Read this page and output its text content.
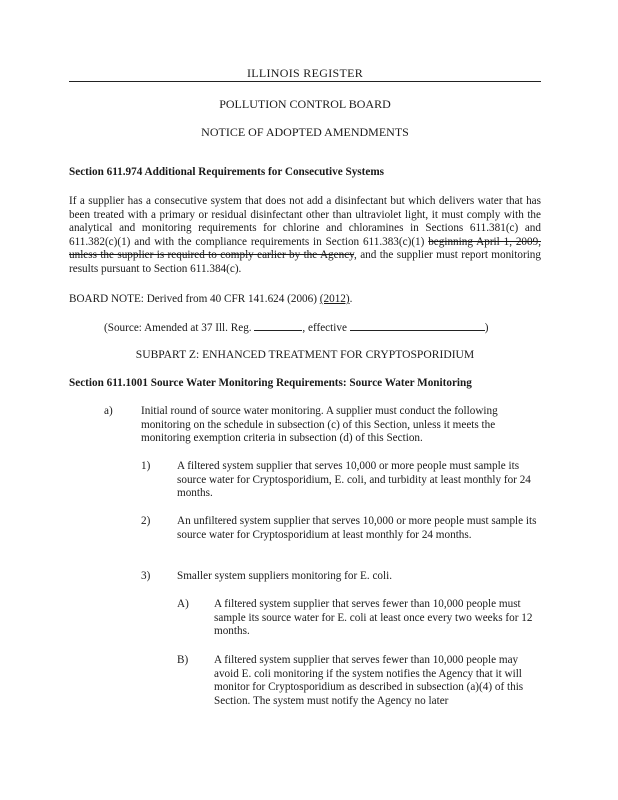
ILLINOIS REGISTER
POLLUTION CONTROL BOARD
NOTICE OF ADOPTED AMENDMENTS
Section 611.974 Additional Requirements for Consecutive Systems
If a supplier has a consecutive system that does not add a disinfectant but which delivers water that has been treated with a primary or residual disinfectant other than ultraviolet light, it must comply with the analytical and monitoring requirements for chlorine and chloramines in Sections 611.381(c) and 611.382(c)(1) and with the compliance requirements in Section 611.383(c)(1) beginning April 1, 2009, unless the supplier is required to comply earlier by the Agency, and the supplier must report monitoring results pursuant to Section 611.384(c).
BOARD NOTE: Derived from 40 CFR 141.624 (2006) (2012).
(Source: Amended at 37 Ill. Reg.	, effective	)
SUBPART Z: ENHANCED TREATMENT FOR CRYPTOSPORIDIUM
Section 611.1001 Source Water Monitoring Requirements: Source Water Monitoring
a)	Initial round of source water monitoring. A supplier must conduct the following monitoring on the schedule in subsection (c) of this Section, unless it meets the monitoring exemption criteria in subsection (d) of this Section.
1) A filtered system supplier that serves 10,000 or more people must sample its source water for Cryptosporidium, E. coli, and turbidity at least monthly for 24 months.
2) An unfiltered system supplier that serves 10,000 or more people must sample its source water for Cryptosporidium at least monthly for 24 months.
3) Smaller system suppliers monitoring for E. coli.
A) A filtered system supplier that serves fewer than 10,000 people must sample its source water for E. coli at least once every two weeks for 12 months.
B) A filtered system supplier that serves fewer than 10,000 people may avoid E. coli monitoring if the system notifies the Agency that it will monitor for Cryptosporidium as described in subsection (a)(4) of this Section. The system must notify the Agency no later
